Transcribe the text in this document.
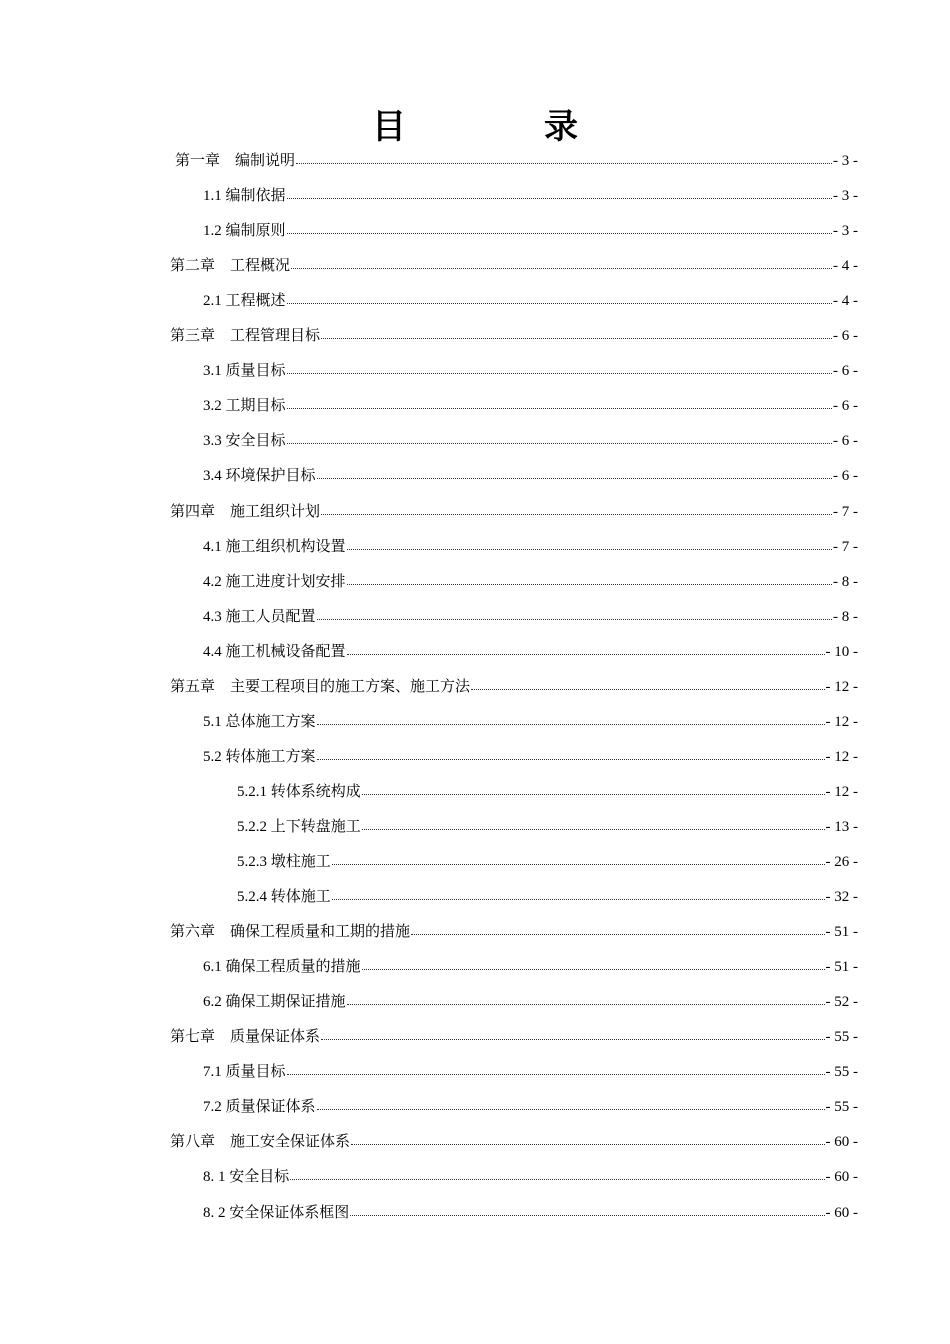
目　录
第一章　编制说明	- 3 -
1.1 编制依据	- 3 -
1.2 编制原则	- 3 -
第二章　工程概况	- 4 -
2.1 工程概述	- 4 -
第三章　工程管理目标	- 6 -
3.1 质量目标	- 6 -
3.2 工期目标	- 6 -
3.3 安全目标	- 6 -
3.4 环境保护目标	- 6 -
第四章　施工组织计划	- 7 -
4.1 施工组织机构设置	- 7 -
4.2 施工进度计划安排	- 8 -
4.3 施工人员配置	- 8 -
4.4 施工机械设备配置	- 10 -
第五章　主要工程项目的施工方案、施工方法	- 12 -
5.1 总体施工方案	- 12 -
5.2 转体施工方案	- 12 -
5.2.1 转体系统构成	- 12 -
5.2.2 上下转盘施工	- 13 -
5.2.3 墩柱施工	- 26 -
5.2.4 转体施工	- 32 -
第六章　确保工程质量和工期的措施	- 51 -
6.1 确保工程质量的措施	- 51 -
6.2 确保工期保证措施	- 52 -
第七章　质量保证体系	- 55 -
7.1 质量目标	- 55 -
7.2 质量保证体系	- 55 -
第八章　施工安全保证体系	- 60 -
8. 1 安全目标	- 60 -
8. 2 安全保证体系框图	- 60 -
